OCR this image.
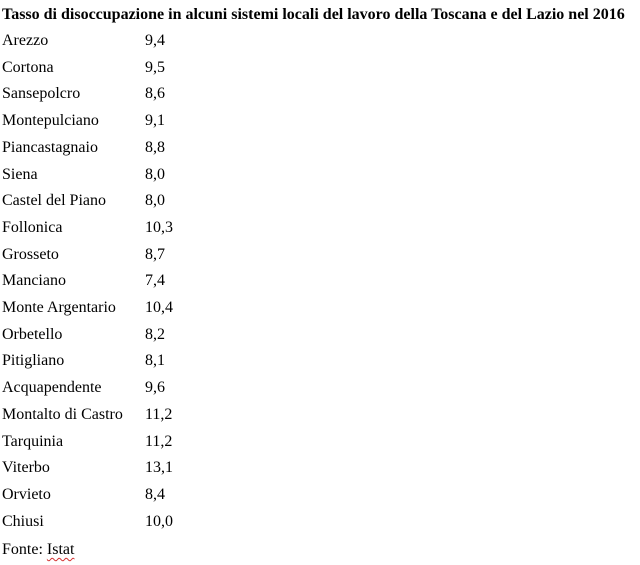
Tasso di disoccupazione in alcuni sistemi locali del lavoro della Toscana e del Lazio nel 2016
Arezzo	9,4
Cortona	9,5
Sansepolcro	8,6
Montepulciano	9,1
Piancastagnaio	8,8
Siena	8,0
Castel del Piano	8,0
Follonica	10,3
Grosseto	8,7
Manciano	7,4
Monte Argentario	10,4
Orbetello	8,2
Pitigliano	8,1
Acquapendente	9,6
Montalto di Castro	11,2
Tarquinia	11,2
Viterbo	13,1
Orvieto	8,4
Chiusi	10,0
Fonte: Istat
